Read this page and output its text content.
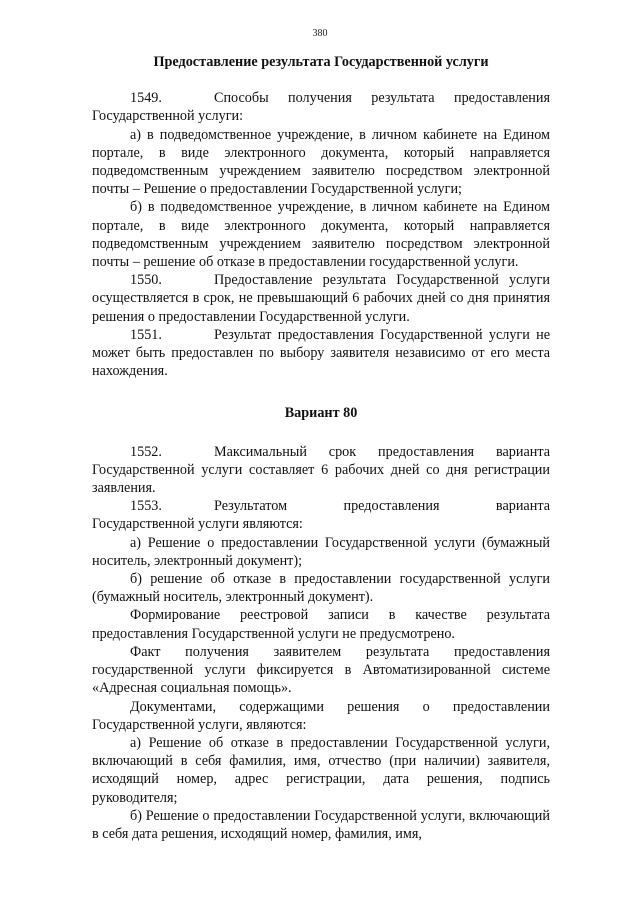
380

Предоставление результата Государственной услуги

1549.	Способы получения результата предоставления Государственной услуги:

а) в подведомственное учреждение, в личном кабинете на Едином портале, в виде электронного документа, который направляется подведомственным учреждением заявителю посредством электронной почты – Решение о предоставлении Государственной услуги;

б) в подведомственное учреждение, в личном кабинете на Едином портале, в виде электронного документа, который направляется подведомственным учреждением заявителю посредством электронной почты – решение об отказе в предоставлении государственной услуги.

1550.	Предоставление результата Государственной услуги осуществляется в срок, не превышающий 6 рабочих дней со дня принятия решения о предоставлении Государственной услуги.

1551.	Результат предоставления Государственной услуги не может быть предоставлен по выбору заявителя независимо от его места нахождения.

Вариант 80

1552.	Максимальный срок предоставления варианта Государственной услуги составляет 6 рабочих дней со дня регистрации заявления.

1553.	Результатом предоставления варианта Государственной услуги являются:

а) Решение о предоставлении Государственной услуги (бумажный носитель, электронный документ);

б) решение об отказе в предоставлении государственной услуги (бумажный носитель, электронный документ).

Формирование реестровой записи в качестве результата предоставления Государственной услуги не предусмотрено.

Факт получения заявителем результата предоставления государственной услуги фиксируется в Автоматизированной системе «Адресная социальная помощь».

Документами, содержащими решения о предоставлении Государственной услуги, являются:

а) Решение об отказе в предоставлении Государственной услуги, включающий в себя фамилия, имя, отчество (при наличии) заявителя, исходящий номер, адрес регистрации, дата решения, подпись руководителя;

б) Решение о предоставлении Государственной услуги, включающий в себя дата решения, исходящий номер, фамилия, имя,
